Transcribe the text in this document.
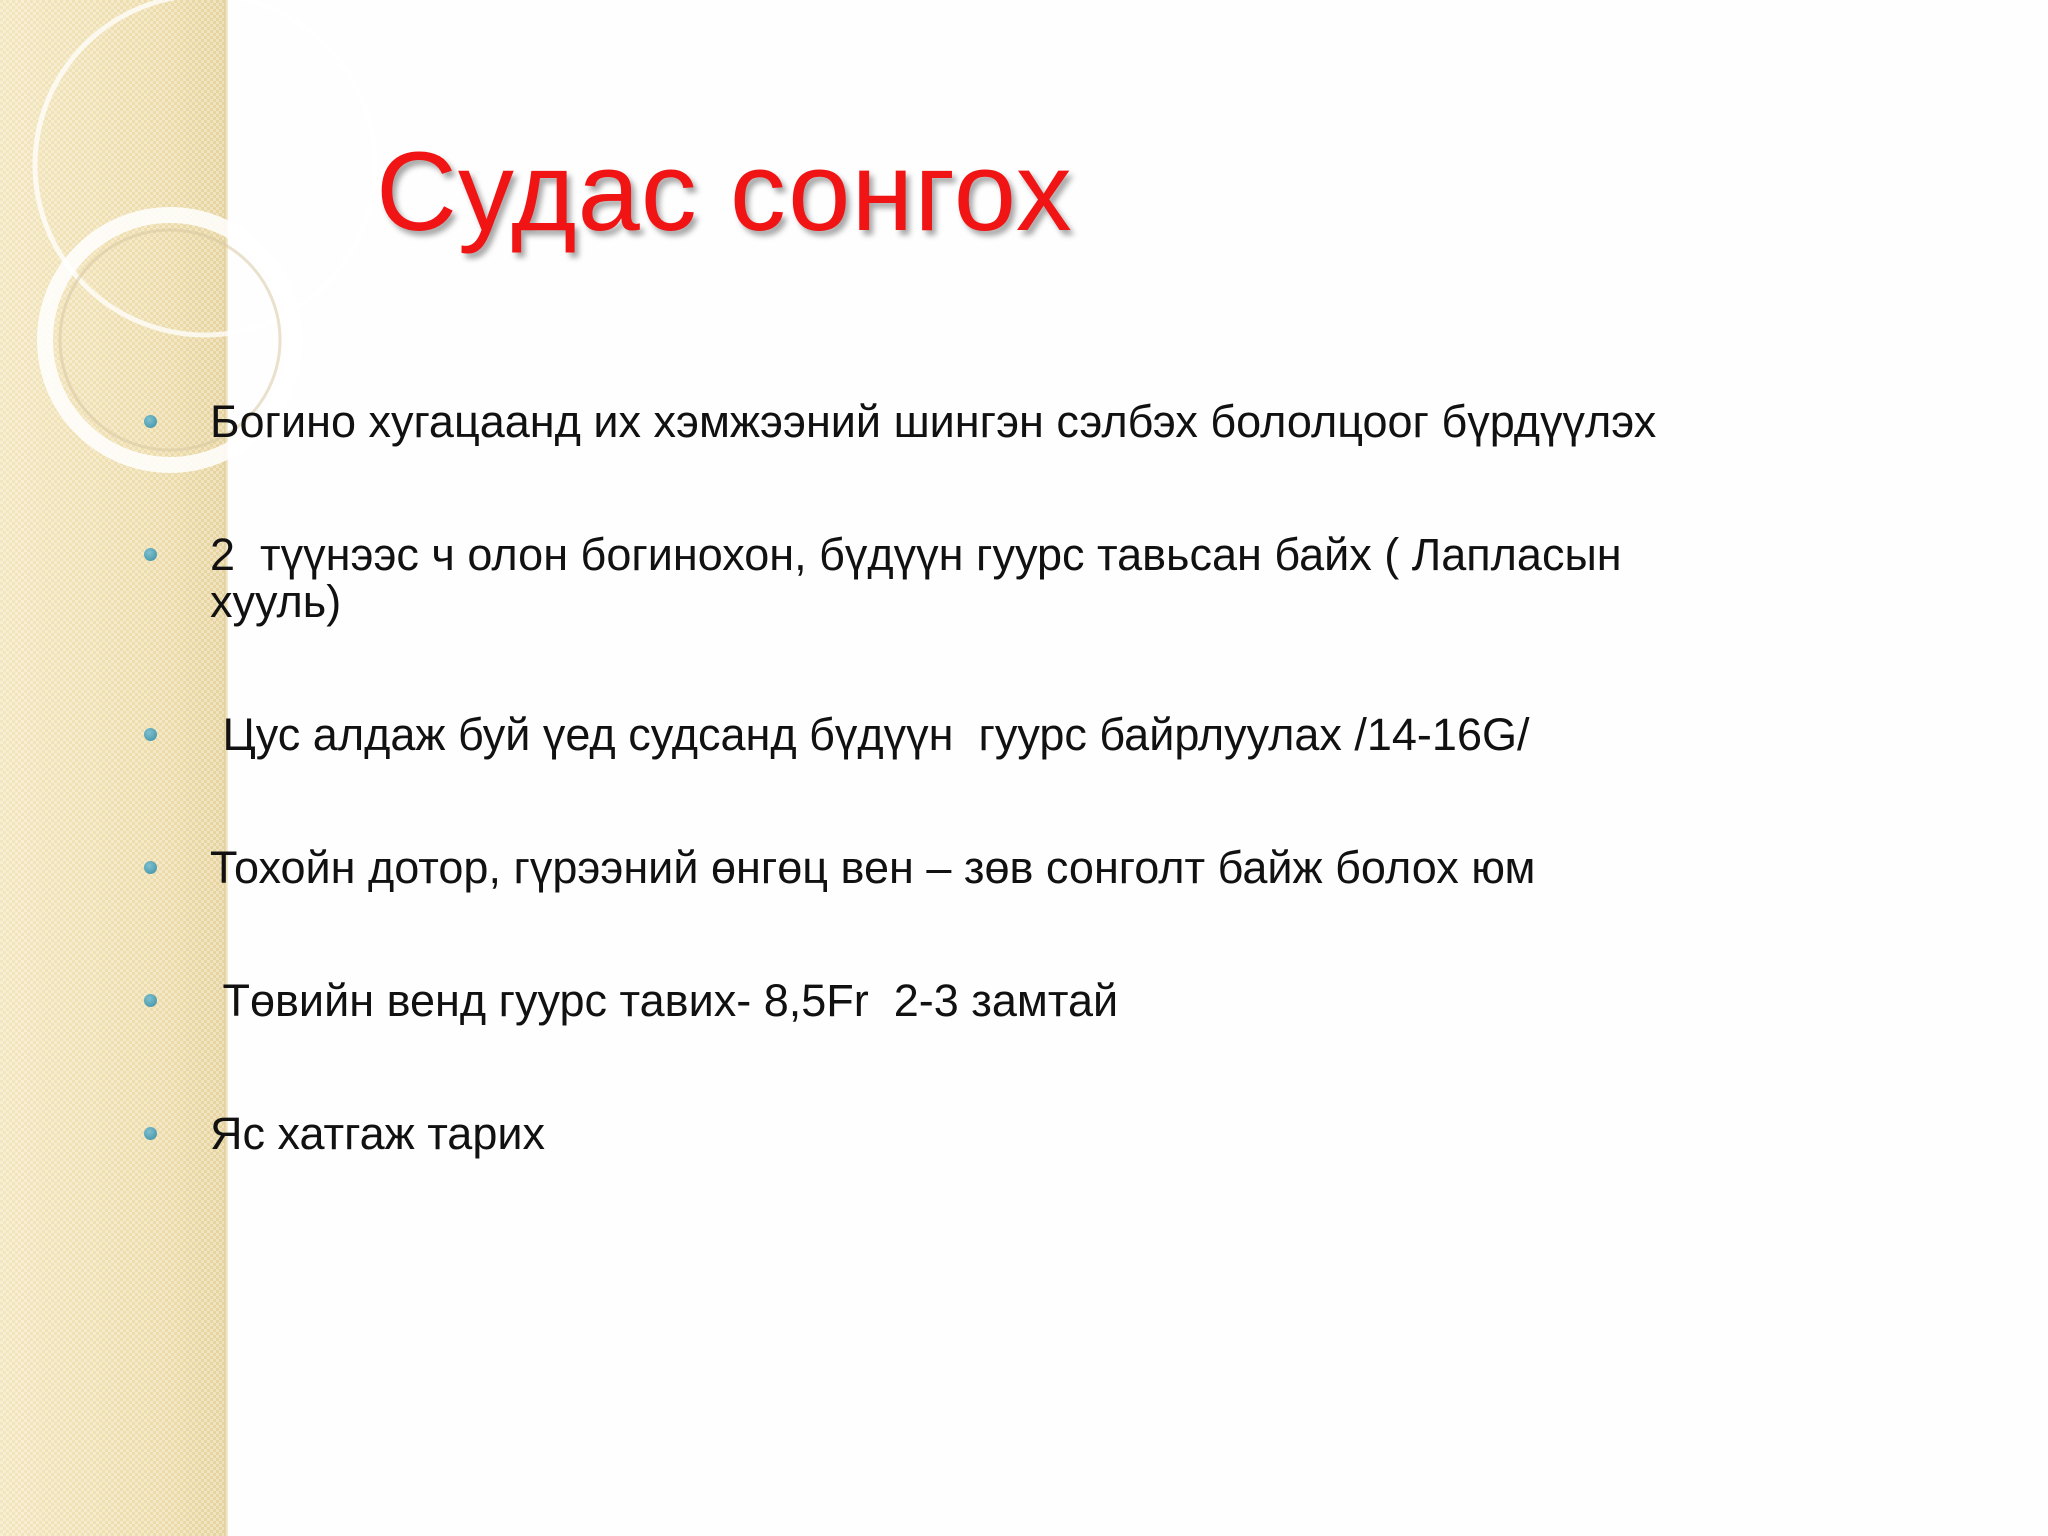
Судас сонгох
Богино хугацаанд их хэмжээний шингэн сэлбэх бололцоог бүрдүүлэх
2  түүнээс ч олон богинохон, бүдүүн гуурс тавьсан байх ( Лапласын хууль)
Цус алдаж буй үед судсанд бүдүүн  гуурс байрлуулах /14-16G/
Тохойн дотор, гүрээний өнгөц вен – зөв сонголт байж болох юм
Төвийн венд гуурс тавих- 8,5Fr  2-3 замтай
Яс хатгаж тарих
